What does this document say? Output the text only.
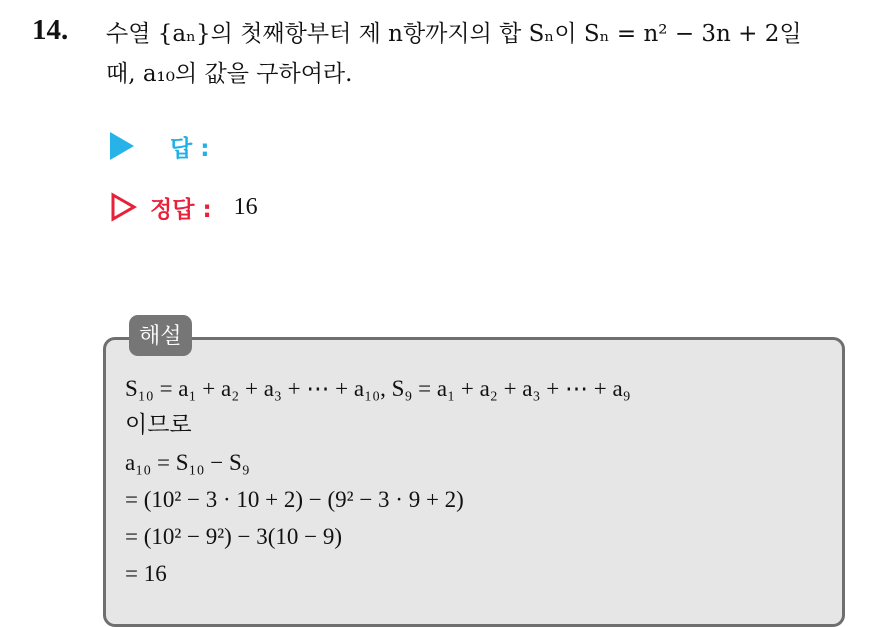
14. 수열 {aₙ}의 첫째항부터 제 n항까지의 합 Sₙ이 Sₙ = n² − 3n + 2일
때, a₁₀의 값을 구하여라.
답 :
정답 : 16
해설
S₁₀ = a₁ + a₂ + a₃ + ⋯ + a₁₀, S₉ = a₁ + a₂ + a₃ + ⋯ + a₉
이므로
a₁₀ = S₁₀ − S₉
= (10² − 3 · 10 + 2) − (9² − 3 · 9 + 2)
= (10² − 9²) − 3(10 − 9)
= 16
